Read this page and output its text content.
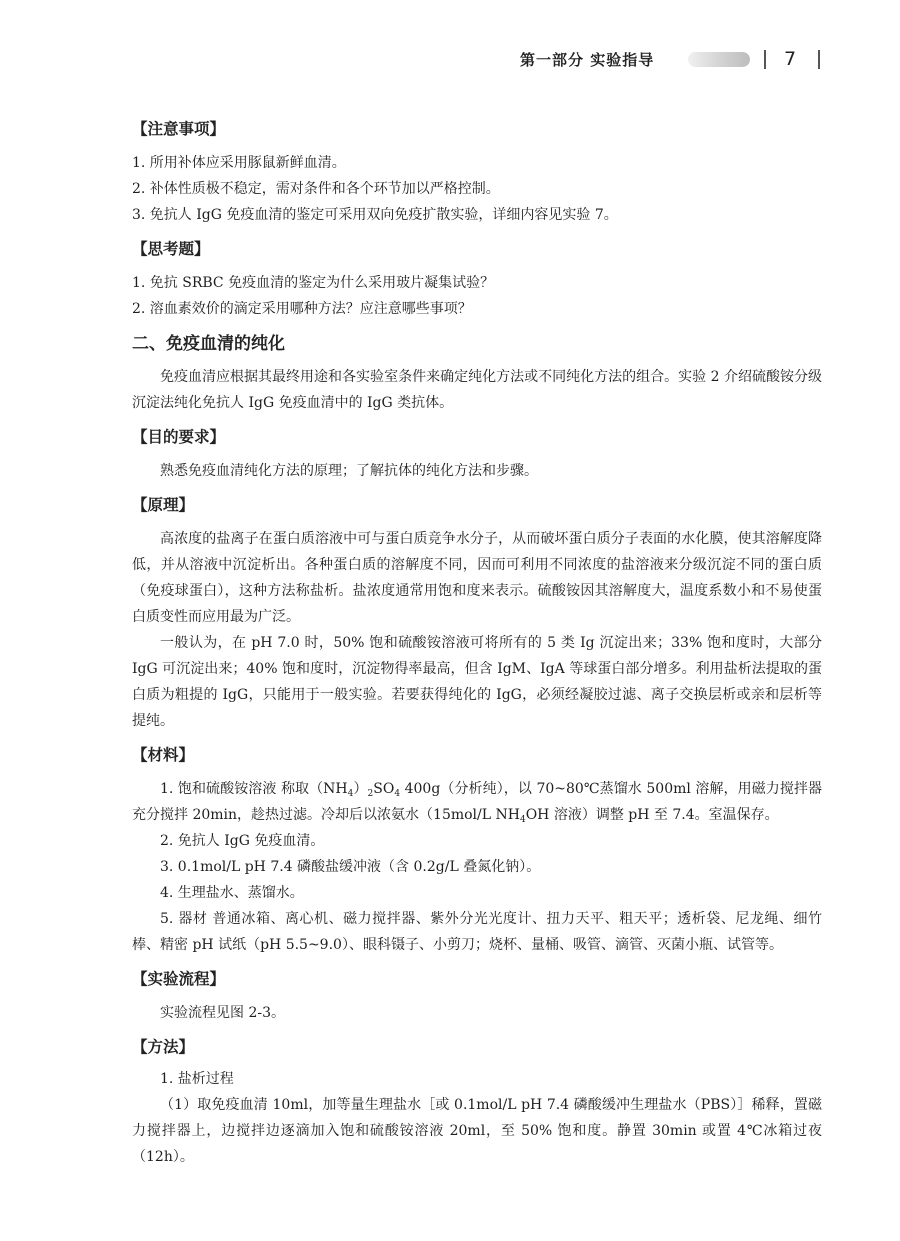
第一部分 实验指导	7

【注意事项】

1. 所用补体应采用豚鼠新鲜血清。

2. 补体性质极不稳定，需对条件和各个环节加以严格控制。

3. 免抗人 IgG 免疫血清的鉴定可采用双向免疫扩散实验，详细内容见实验 7。

【思考题】

1. 免抗 SRBC 免疫血清的鉴定为什么采用玻片凝集试验？

2. 溶血素效价的滴定采用哪种方法？应注意哪些事项？

二、免疫血清的纯化

免疫血清应根据其最终用途和各实验室条件来确定纯化方法或不同纯化方法的组合。实验 2 介绍硫酸铵分级沉淀法纯化免抗人 IgG 免疫血清中的 IgG 类抗体。

【目的要求】

熟悉免疫血清纯化方法的原理；了解抗体的纯化方法和步骤。

【原理】

高浓度的盐离子在蛋白质溶液中可与蛋白质竞争水分子，从而破坏蛋白质分子表面的水化膜，使其溶解度降低，并从溶液中沉淀析出。各种蛋白质的溶解度不同，因而可利用不同浓度的盐溶液来分级沉淀不同的蛋白质（免疫球蛋白），这种方法称盐析。盐浓度通常用饱和度来表示。硫酸铵因其溶解度大，温度系数小和不易使蛋白质变性而应用最为广泛。

一般认为，在 pH 7.0 时，50% 饱和硫酸铵溶液可将所有的 5 类 Ig 沉淀出来；33% 饱和度时，大部分 IgG 可沉淀出来；40% 饱和度时，沉淀物得率最高，但含 IgM、IgA 等球蛋白部分增多。利用盐析法提取的蛋白质为粗提的 IgG，只能用于一般实验。若要获得纯化的 IgG，必须经凝胶过滤、离子交换层析或亲和层析等提纯。

【材料】

1. 饱和硫酸铵溶液 称取$(NH_4)_2SO_4$ 400g（分析纯），以 70~80℃蒸馏水 500ml 溶解，用磁力搅拌器充分搅拌 20min，趁热过滤。冷却后以浓氨水（15mol/L $NH_4OH$ 溶液）调整 pH 至 7.4。室温保存。

2. 免抗人 IgG 免疫血清。

3. 0.1mol/L pH 7.4 磷酸盐缓冲液（含 0.2g/L 叠氮化钠）。

4. 生理盐水、蒸馏水。

5. 器材 普通冰箱、离心机、磁力搅拌器、紫外分光光度计、扭力天平、粗天平；透析袋、尼龙绳、细竹棒、精密 pH 试纸（pH 5.5~9.0）、眼科镊子、小剪刀；烧杯、量桶、吸管、滴管、灭菌小瓶、试管等。

【实验流程】

实验流程见图 2-3。

【方法】

1. 盐析过程

（1）取免疫血清 10ml，加等量生理盐水［或 0.1mol/L pH 7.4 磷酸缓冲生理盐水（PBS）］稀释，置磁力搅拌器上，边搅拌边逐滴加入饱和硫酸铵溶液 20ml，至 50% 饱和度。静置 30min 或置 4℃冰箱过夜（12h）。
